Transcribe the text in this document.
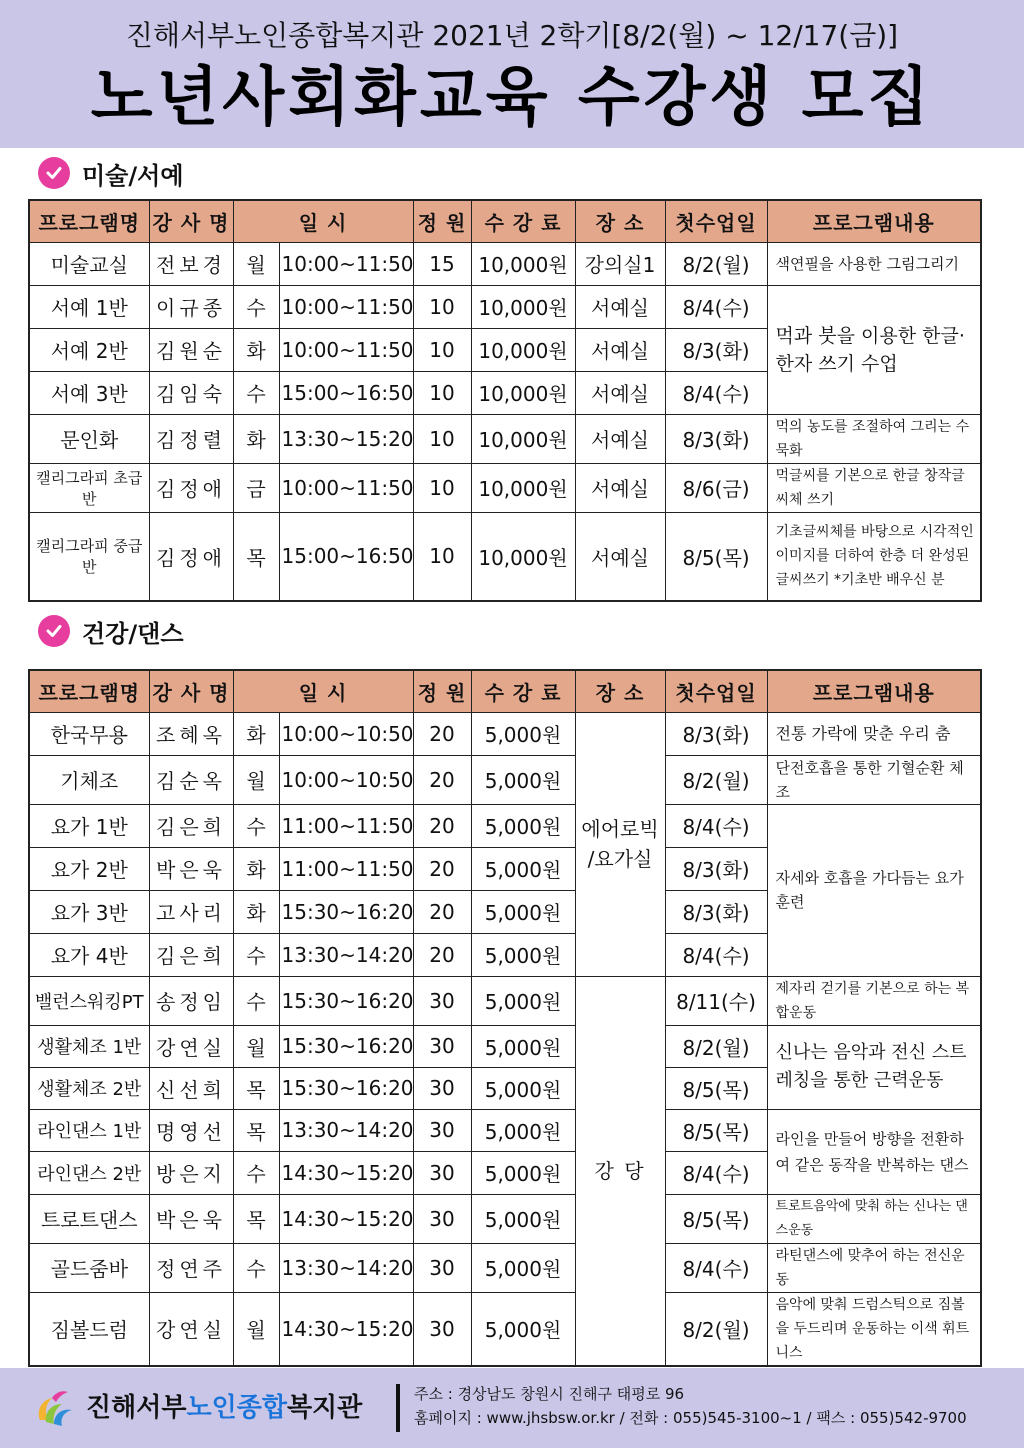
진해서부노인종합복지관 2021년 2학기[8/2(월) ~ 12/17(금)]
노년사회화교육 수강생 모집
미술/서예
프로그램명	강 사 명	일 시		정 원	수 강 료	장 소	첫수업일	프로그램내용
미술교실	전보경	월	10:00~11:50	15	10,000원	강의실1	8/2(월)	색연필을 사용한 그림그리기
서예 1반	이규종	수	10:00~11:50	10	10,000원	서예실	8/4(수)	먹과 붓을 이용한 한글·한자 쓰기 수업
서예 2반	김원순	화	10:00~11:50	10	10,000원	서예실	8/3(화)	
서예 3반	김임숙	수	15:00~16:50	10	10,000원	서예실	8/4(수)	
문인화	김정렬	화	13:30~15:20	10	10,000원	서예실	8/3(화)	먹의 농도를 조절하여 그리는 수묵화
캘리그라피 초급반	김정애	금	10:00~11:50	10	10,000원	서예실	8/6(금)	먹글씨를 기본으로 한글 창작글씨체 쓰기
캘리그라피 중급반	김정애	목	15:00~16:50	10	10,000원	서예실	8/5(목)	기초글씨체를 바탕으로 시각적인 이미지를 더하여 한층 더 완성된 글씨쓰기 *기초반 배우신 분
건강/댄스
프로그램명	강 사 명	일 시		정 원	수 강 료	장 소	첫수업일	프로그램내용
한국무용	조혜옥	화	10:00~10:50	20	5,000원	에어로빅 /요가실	8/3(화)	전통 가락에 맞춘 우리 춤
기체조	김순옥	월	10:00~10:50	20	5,000원		8/2(월)	단전호흡을 통한 기혈순환 체조
요가 1반	김은희	수	11:00~11:50	20	5,000원		8/4(수)	자세와 호흡을 가다듬는 요가 훈련
요가 2반	박은욱	화	11:00~11:50	20	5,000원		8/3(화)	
요가 3반	고사리	화	15:30~16:20	20	5,000원		8/3(화)	
요가 4반	김은희	수	13:30~14:20	20	5,000원		8/4(수)	
밸런스워킹PT	송정임	수	15:30~16:20	30	5,000원	강 당	8/11(수)	제자리 걷기를 기본으로 하는 복합운동
생활체조 1반	강연실	월	15:30~16:20	30	5,000원		8/2(월)	신나는 음악과 전신 스트레칭을 통한 근력운동
생활체조 2반	신선희	목	15:30~16:20	30	5,000원		8/5(목)	
라인댄스 1반	명영선	목	13:30~14:20	30	5,000원		8/5(목)	라인을 만들어 방향을 전환하여 같은 동작을 반복하는 댄스
라인댄스 2반	방은지	수	14:30~15:20	30	5,000원		8/4(수)	
트로트댄스	박은욱	목	14:30~15:20	30	5,000원		8/5(목)	트로트음악에 맞춰 하는 신나는 댄스운동
골드줌바	정연주	수	13:30~14:20	30	5,000원		8/4(수)	라틴댄스에 맞추어 하는 전신운동
짐볼드럼	강연실	월	14:30~15:20	30	5,000원		8/2(월)	음악에 맞춰 드럼스틱으로 짐볼을 두드리며 운동하는 이색 휘트니스
진해서부노인종합복지관	주소 : 경상남도 창원시 진해구 태평로 96
홈페이지 : www.jhsbsw.or.kr / 전화 : 055)545-3100~1 / 팩스 : 055)542-9700
